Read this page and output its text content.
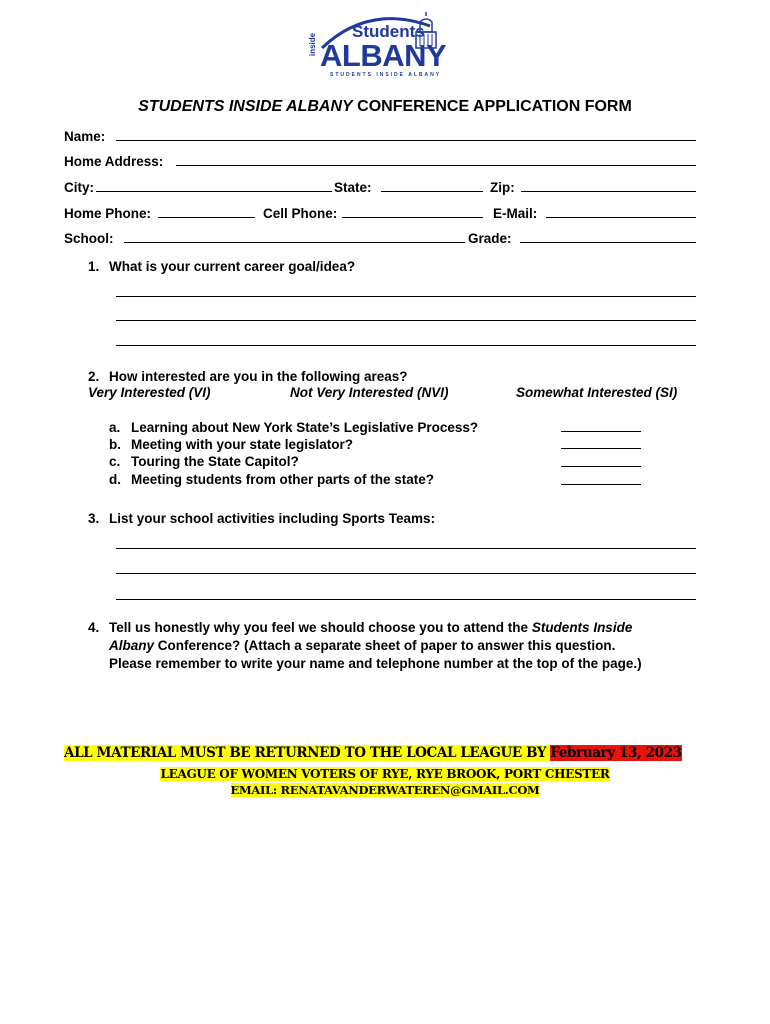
Students
inside ALBANY
STUDENTS INSIDE ALBANY
STUDENTS INSIDE ALBANY CONFERENCE APPLICATION FORM
Name:
Home Address:
City:	State:	Zip:
Home Phone:	Cell Phone:	E-Mail:
School:	Grade:
1. What is your current career goal/idea?
2. How interested are you in the following areas?
Very Interested (VI)	Not Very Interested (NVI)	Somewhat Interested (SI)
a. Learning about New York State’s Legislative Process?
b. Meeting with your state legislator?
c. Touring the State Capitol?
d. Meeting students from other parts of the state?
3. List your school activities including Sports Teams:
4. Tell us honestly why you feel we should choose you to attend the Students Inside
Albany Conference? (Attach a separate sheet of paper to answer this question.
Please remember to write your name and telephone number at the top of the page.)
ALL MATERIAL MUST BE RETURNED TO THE LOCAL LEAGUE BY February 13, 2023
LEAGUE OF WOMEN VOTERS OF RYE, RYE BROOK, PORT CHESTER
EMAIL: RENATAVANDERWATEREN@GMAIL.COM
